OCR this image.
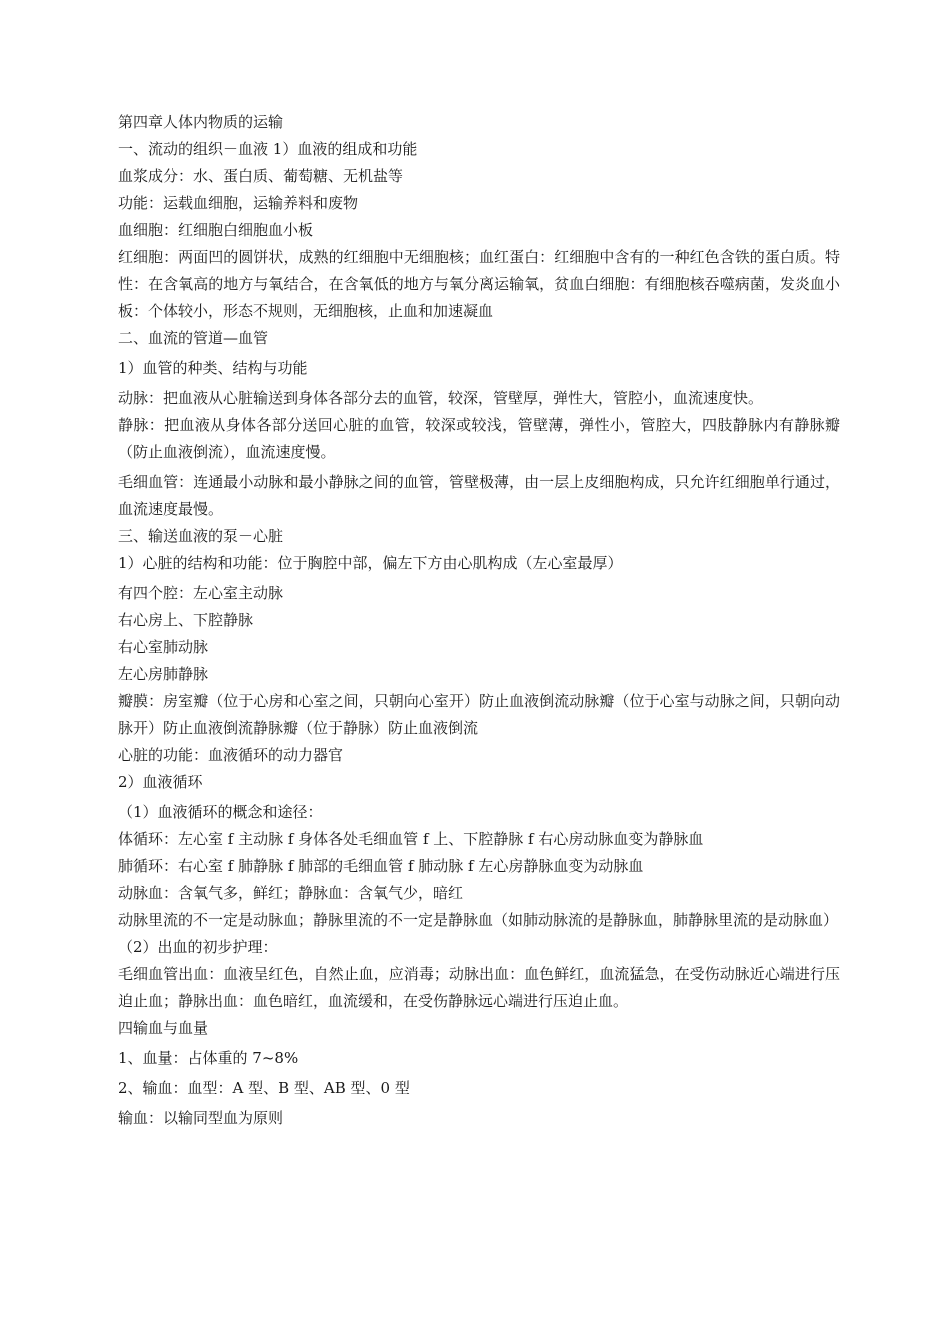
第四章人体内物质的运输
一、流动的组织－血液 1）血液的组成和功能
血浆成分：水、蛋白质、葡萄糖、无机盐等
功能：运载血细胞，运输养料和废物
血细胞：红细胞白细胞血小板
红细胞：两面凹的圆饼状，成熟的红细胞中无细胞核；血红蛋白：红细胞中含有的一种红色含铁的蛋白质。特性：在含氧高的地方与氧结合，在含氧低的地方与氧分离运输氧，贫血白细胞：有细胞核吞噬病菌，发炎血小板：个体较小，形态不规则，无细胞核，止血和加速凝血
二、血流的管道—血管
1）血管的种类、结构与功能
动脉：把血液从心脏输送到身体各部分去的血管，较深，管壁厚，弹性大，管腔小，血流速度快。
静脉：把血液从身体各部分送回心脏的血管，较深或较浅，管壁薄，弹性小，管腔大，四肢静脉内有静脉瓣（防止血液倒流），血流速度慢。
毛细血管：连通最小动脉和最小静脉之间的血管，管壁极薄，由一层上皮细胞构成，只允许红细胞单行通过，血流速度最慢。
三、输送血液的泵－心脏
1）心脏的结构和功能：位于胸腔中部，偏左下方由心肌构成（左心室最厚）
有四个腔：左心室主动脉
右心房上、下腔静脉
右心室肺动脉
左心房肺静脉
瓣膜：房室瓣（位于心房和心室之间，只朝向心室开）防止血液倒流动脉瓣（位于心室与动脉之间，只朝向动脉开）防止血液倒流静脉瓣（位于静脉）防止血液倒流
心脏的功能：血液循环的动力器官
2）血液循环
（1）血液循环的概念和途径：
体循环：左心室 f 主动脉 f 身体各处毛细血管 f 上、下腔静脉 f 右心房动脉血变为静脉血
肺循环：右心室 f 肺静脉 f 肺部的毛细血管 f 肺动脉 f 左心房静脉血变为动脉血
动脉血：含氧气多，鲜红；静脉血：含氧气少，暗红
动脉里流的不一定是动脉血；静脉里流的不一定是静脉血（如肺动脉流的是静脉血，肺静脉里流的是动脉血）
（2）出血的初步护理：
毛细血管出血：血液呈红色，自然止血，应消毒；动脉出血：血色鲜红，血流猛急，在受伤动脉近心端进行压迫止血；静脉出血：血色暗红，血流缓和，在受伤静脉远心端进行压迫止血。
四输血与血量
1、血量：占体重的 7~8%
2、输血：血型：A 型、B 型、AB 型、0 型
输血：以输同型血为原则
